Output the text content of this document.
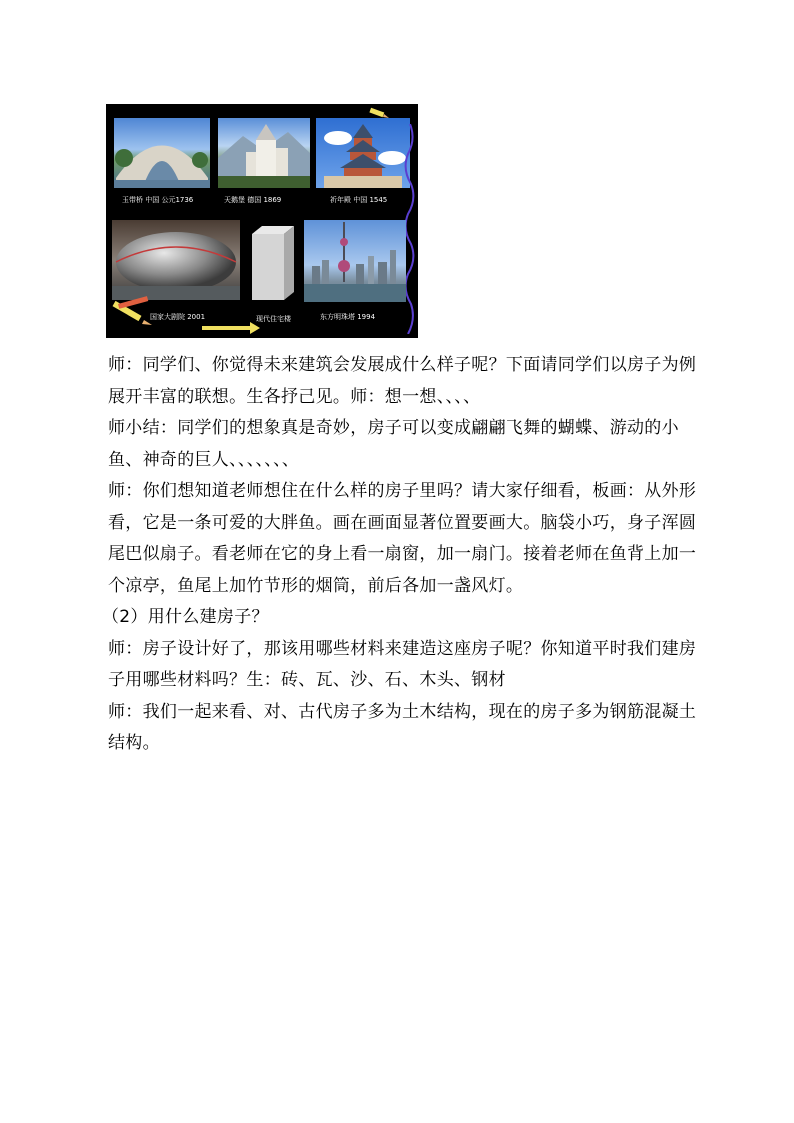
玉带桥 中国 公元1736	天鹅堡 德国 1869	祈年殿 中国 1545
国家大剧院 2001	现代住宅楼	东方明珠塔 1994

师：同学们、你觉得未来建筑会发展成什么样子呢？下面请同学们以房子为例展开丰富的联想。生各抒己见。师：想一想、、、、

师小结：同学们的想象真是奇妙，房子可以变成翩翩飞舞的蝴蝶、游动的小鱼、神奇的巨人、、、、、、、

师：你们想知道老师想住在什么样的房子里吗？请大家仔细看，板画：从外形看，它是一条可爱的大胖鱼。画在画面显著位置要画大。脑袋小巧，身子浑圆尾巴似扇子。看老师在它的身上看一扇窗，加一扇门。接着老师在鱼背上加一个凉亭，鱼尾上加竹节形的烟筒，前后各加一盏风灯。

（2）用什么建房子？

师：房子设计好了，那该用哪些材料来建造这座房子呢？你知道平时我们建房子用哪些材料吗？生：砖、瓦、沙、石、木头、钢材

师：我们一起来看、对、古代房子多为土木结构，现在的房子多为钢筋混凝土结构。
